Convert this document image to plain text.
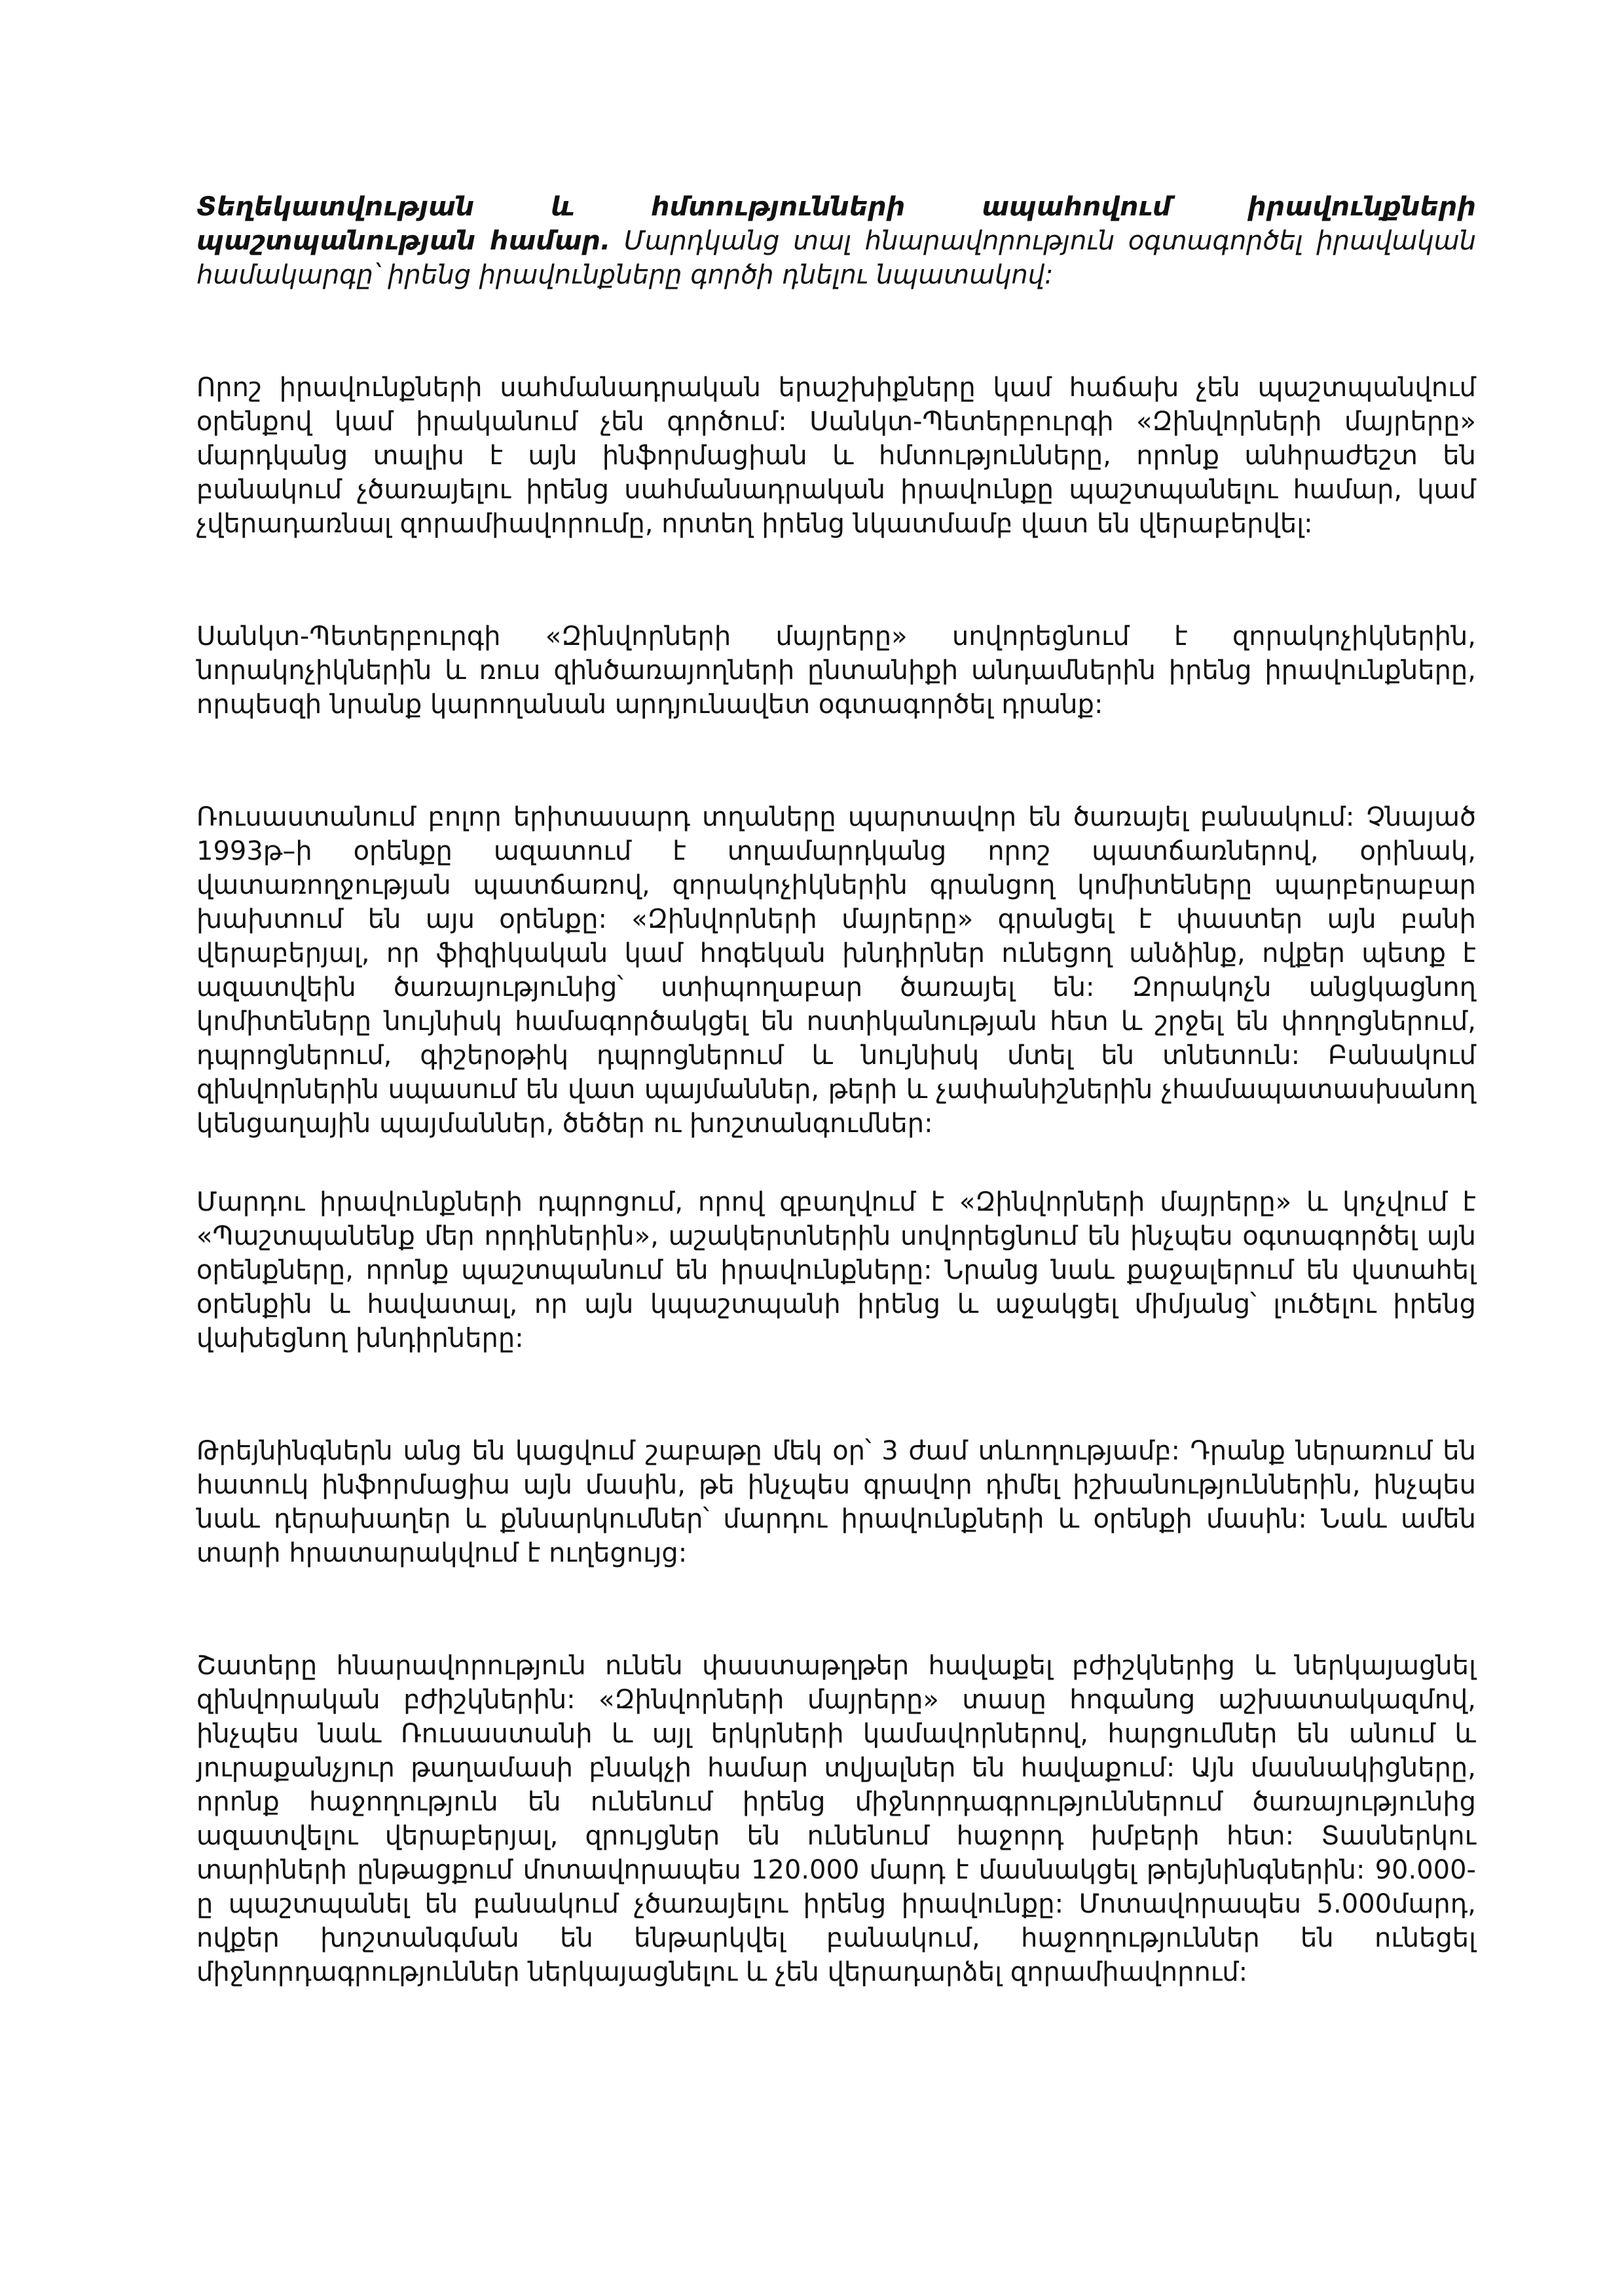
Տեղեկատվության և հմտությունների ապահովում իրավունքների պաշտպանության համար. Մարդկանց տալ հնարավորություն օգտագործել իրավական համակարգը՝ իրենց իրավունքները գործի դնելու նպատակով:

Որոշ իրավունքների սահմանադրական երաշխիքները կամ հաճախ չեն պաշտպանվում օրենքով կամ իրականում չեն գործում: Սանկտ-Պետերբուրգի «Զինվորների մայրերը» մարդկանց տալիս է այն ինֆորմացիան և հմտությունները, որոնք անհրաժեշտ են բանակում չծառայելու իրենց սահմանադրական իրավունքը պաշտպանելու համար, կամ չվերադառնալ զորամիավորումը, որտեղ իրենց նկատմամբ վատ են վերաբերվել:

Սանկտ-Պետերբուրգի «Զինվորների մայրերը» սովորեցնում է զորակոչիկներին, նորակոչիկներին և ռուս զինծառայողների ընտանիքի անդամներին իրենց իրավունքները, որպեսզի նրանք կարողանան արդյունավետ օգտագործել դրանք:

Ռուսաստանում բոլոր երիտասարդ տղաները պարտավոր են ծառայել բանակում: Չնայած 1993թ–ի օրենքը ազատում է տղամարդկանց որոշ պատճառներով, օրինակ, վատառողջության պատճառով, զորակոչիկներին գրանցող կոմիտեները պարբերաբար խախտում են այս օրենքը: «Զինվորների մայրերը» գրանցել է փաստեր այն բանի վերաբերյալ, որ ֆիզիկական կամ հոգեկան խնդիրներ ունեցող անձինք, ովքեր պետք է ազատվեին ծառայությունից՝ ստիպողաբար ծառայել են: Զորակոչն անցկացնող կոմիտեները նույնիսկ համագործակցել են ոստիկանության հետ և շրջել են փողոցներում, դպրոցներում, գիշերօթիկ դպրոցներում և նույնիսկ մտել են տնետուն: Բանակում զինվորներին սպասում են վատ պայմաններ, թերի և չափանիշներին չհամապատասխանող կենցաղային պայմաններ, ծեծեր ու խոշտանգումներ:

Մարդու իրավունքների դպրոցում, որով զբաղվում է «Զինվորների մայրերը» և կոչվում է «Պաշտպանենք մեր որդիներին», աշակերտներին սովորեցնում են ինչպես օգտագործել այն օրենքները, որոնք պաշտպանում են իրավունքները: Նրանց նաև քաջալերում են վստահել օրենքին և հավատալ, որ այն կպաշտպանի իրենց և աջակցել միմյանց՝ լուծելու իրենց վախեցնող խնդիրները:

Թրեյնինգներն անց են կացվում շաբաթը մեկ օր՝ 3 ժամ տևողությամբ: Դրանք ներառում են հատուկ ինֆորմացիա այն մասին, թե ինչպես գրավոր դիմել իշխանություններին, ինչպես նաև դերախաղեր և քննարկումներ՝ մարդու իրավունքների և օրենքի մասին: Նաև ամեն տարի հրատարակվում է ուղեցույց:

Շատերը հնարավորություն ունեն փաստաթղթեր հավաքել բժիշկներից և ներկայացնել զինվորական բժիշկներին: «Զինվորների մայրերը» տասը հոգանոց աշխատակազմով, ինչպես նաև Ռուսաստանի և այլ երկրների կամավորներով, հարցումներ են անում և յուրաքանչյուր թաղամասի բնակչի համար տվյալներ են հավաքում: Այն մասնակիցները, որոնք հաջողություն են ունենում իրենց միջնորդագրություններում ծառայությունից ազատվելու վերաբերյալ, զրույցներ են ունենում հաջորդ խմբերի հետ: Տասներկու տարիների ընթացքում մոտավորապես 120.000 մարդ է մասնակցել թրեյնինգներին: 90.000-ը պաշտպանել են բանակում չծառայելու իրենց իրավունքը: Մոտավորապես 5.000մարդ, ովքեր խոշտանգման են ենթարկվել բանակում, հաջողություններ են ունեցել միջնորդագրություններ ներկայացնելու և չեն վերադարձել զորամիավորում:
